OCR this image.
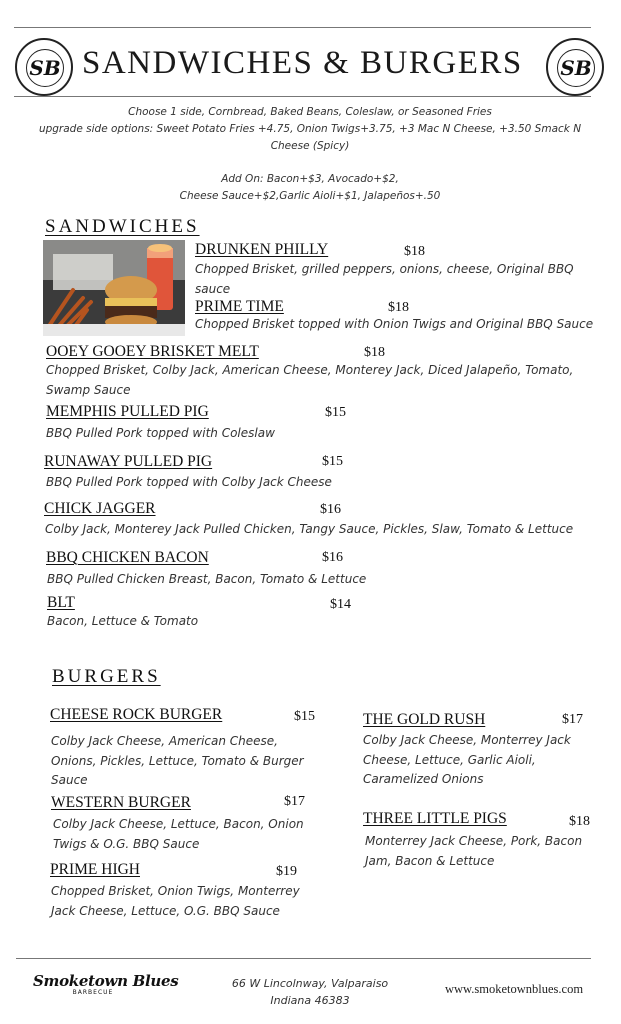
SB SANDWICHES & BURGERS SB
Choose 1 side, Cornbread, Baked Beans, Coleslaw, or Seasoned Fries
upgrade side options: Sweet Potato Fries +4.75, Onion Twigs+3.75, +3 Mac N Cheese, +3.50 Smack N
Cheese (Spicy)
Add On: Bacon+$3, Avocado+$2,
Cheese Sauce+$2,Garlic Aioli+$1, Jalapeños+.50
SANDWICHES
DRUNKEN PHILLY	$18
Chopped Brisket, grilled peppers, onions, cheese, Original BBQ sauce
PRIME TIME	$18
Chopped Brisket topped with Onion Twigs and Original BBQ Sauce
OOEY GOOEY BRISKET MELT	$18
Chopped Brisket, Colby Jack, American Cheese, Monterey Jack, Diced Jalapeño, Tomato, Swamp Sauce
MEMPHIS PULLED PIG	$15
BBQ Pulled Pork topped with Coleslaw
RUNAWAY PULLED PIG	$15
BBQ Pulled Pork topped with Colby Jack Cheese
CHICK JAGGER	$16
Colby Jack, Monterey Jack Pulled Chicken, Tangy Sauce, Pickles, Slaw, Tomato & Lettuce
BBQ CHICKEN BACON	$16
BBQ Pulled Chicken Breast, Bacon, Tomato & Lettuce
BLT	$14
Bacon, Lettuce & Tomato
BURGERS
CHEESE ROCK BURGER	$15
Colby Jack Cheese, American Cheese, Onions, Pickles, Lettuce, Tomato & Burger Sauce
WESTERN BURGER	$17
Colby Jack Cheese, Lettuce, Bacon, Onion Twigs & O.G. BBQ Sauce
PRIME HIGH	$19
Chopped Brisket, Onion Twigs, Monterrey Jack Cheese, Lettuce, O.G. BBQ Sauce
THE GOLD RUSH	$17
Colby Jack Cheese, Monterrey Jack Cheese, Lettuce, Garlic Aioli, Caramelized Onions
THREE LITTLE PIGS	$18
Monterrey Jack Cheese, Pork, Bacon Jam, Bacon & Lettuce
Smoketown Blues
BARBECUE
66 W Lincolnway, Valparaiso
Indiana 46383
www.smoketownblues.com
